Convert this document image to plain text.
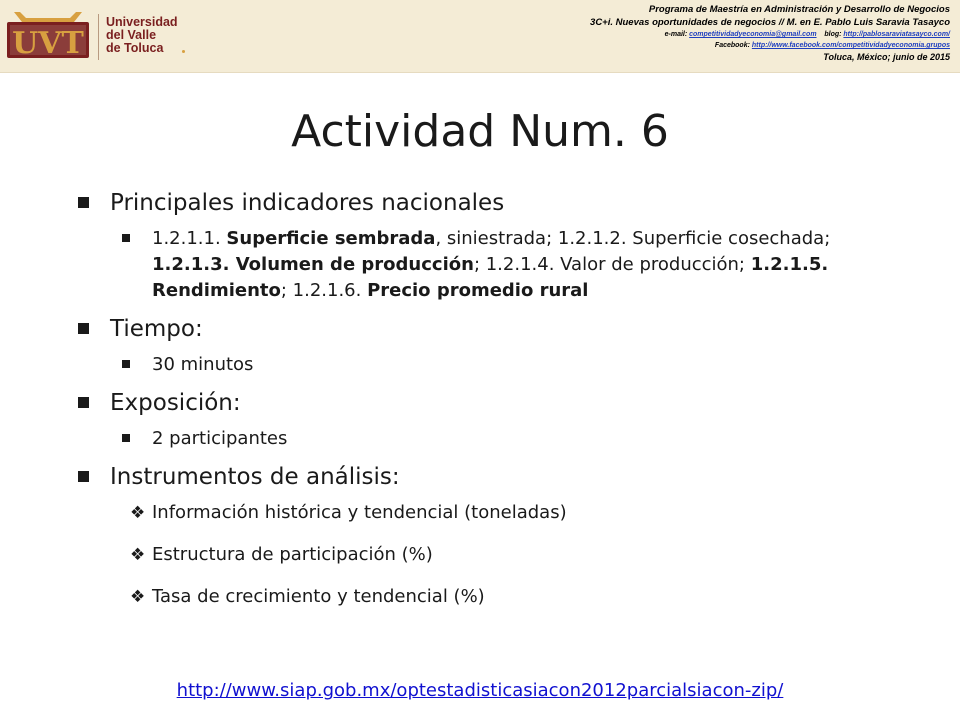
UVT
Universidad
del Valle
de Toluca
Programa de Maestría en Administración y Desarrollo de Negocios
3C+i. Nuevas oportunidades de negocios // M. en E. Pablo Luis Saravia Tasayco
e-mail: competitividadyeconomia@gmail.com blog: http://pablosaraviatasayco.com/
Facebook: http://www.facebook.com/competitividadyeconomia.grupos
Toluca, México; junio de 2015
Actividad Num. 6
Principales indicadores nacionales
1.2.1.1. Superficie sembrada, siniestrada; 1.2.1.2. Superficie cosechada; 1.2.1.3. Volumen de producción; 1.2.1.4. Valor de producción; 1.2.1.5. Rendimiento; 1.2.1.6. Precio promedio rural
Tiempo:
30 minutos
Exposición:
2 participantes
Instrumentos de análisis:
❖ Información histórica y tendencial (toneladas)
❖ Estructura de participación (%)
❖ Tasa de crecimiento y tendencial (%)
http://www.siap.gob.mx/optestadisticasiacon2012parcialsiacon-zip/
